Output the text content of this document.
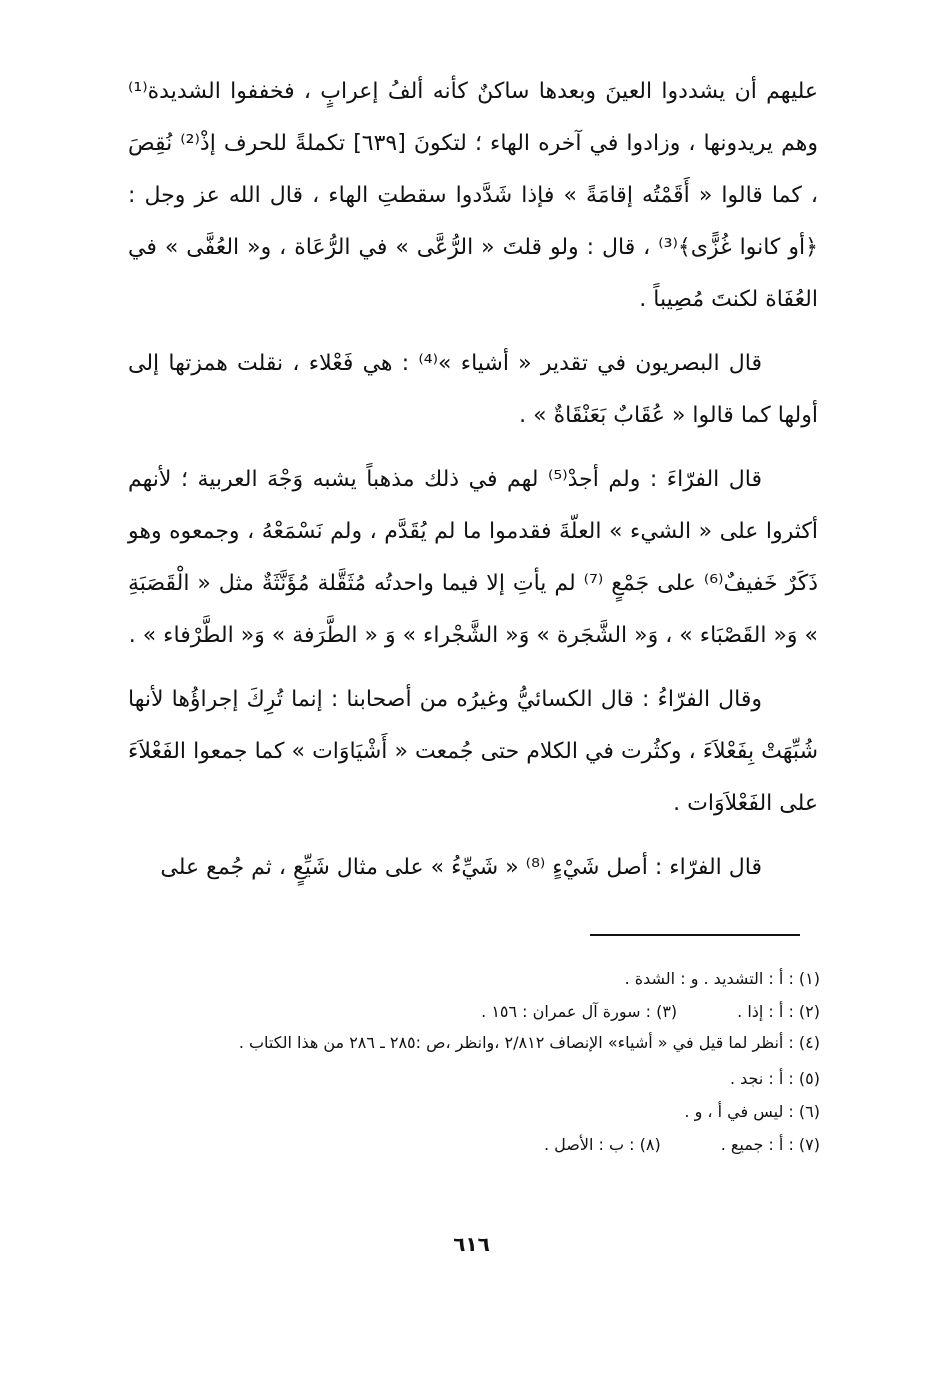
عليهم أن يشددوا العينَ وبعدها ساكنٌ كأنه ألفُ إعرابٍ ، فخففوا الشديدة⁽¹⁾ وهم يريدونها ، وزادوا في آخره الهاء ؛ لتكونَ [٦٣٩] تكملةً للحرف إذْ⁽²⁾ نُقِصَ ، كما قالوا « أَقَمْتُه إقامَةً » فإذا شَدَّدوا سقطتِ الهاء ، قال الله عز وجل : ﴿أو كانوا غُزًّى﴾⁽³⁾ ، قال : ولو قلتَ « الرُّعَّى » في الرُّعَاة ، و« العُفَّى » في العُفَاة لكنتَ مُصِيباً .

قال البصريون في تقدير « أشياء »⁽⁴⁾ : هي فَعْلاء ، نقلت همزتها إلى أولها كما قالوا « عُقَابٌ بَعَنْقَاةٌ » .

قال الفرّاءَ : ولم أجدْ⁽⁵⁾ لهم في ذلك مذهباً يشبه وَجْهَ العربية ؛ لأنهم أكثروا على « الشيء » العلّةَ فقدموا ما لم يُقَدَّم ، ولم نَسْمَعْهُ ، وجمعوه وهو ذَكَرٌ خَفيفٌ⁽⁶⁾ على جَمْعٍ ⁽⁷⁾ لم يأتِ إلا فيما واحدتُه مُثَقَّلة مُؤَنَّثَةٌ مثل « الْقَصَبَةِ » وَ« القَصْبَاء » ، وَ« الشَّجَرة » وَ« الشَّجْراء » وَ « الطَّرَفة » وَ« الطَّرْفاء » .

وقال الفرّاءُ : قال الكسائيُّ وغيرُه من أصحابنا : إنما تُرِكَ إجراؤُها لأنها شُبِّهَتْ بِفَعْلاَءَ ، وكثُرت في الكلام حتى جُمعت « أَشْيَاوَات » كما جمعوا الفَعْلاَءَ على الفَعْلاَوَات .

قال الفرّاء : أصل شَيْءٍ ⁽⁸⁾ « شَيِّءُ » على مثال شَيِّعٍ ، ثم جُمع على

(١) : أ : التشديد . و : الشدة .
(٢) : أ : إذا .(٣) : سورة آل عمران : ١٥٦ .
(٤) : أنظر لما قيل في « أشياء» الإنصاف ٢/٨١٢ ،وانظر ،ص :٢٨٥ ـ ٢٨٦ من هذا الكتاب .
(٥) : أ : نجد .
(٦) : ليس في أ ، و .
(٧) : أ : جميع .(٨) : ب : الأصل .
٦١٦
